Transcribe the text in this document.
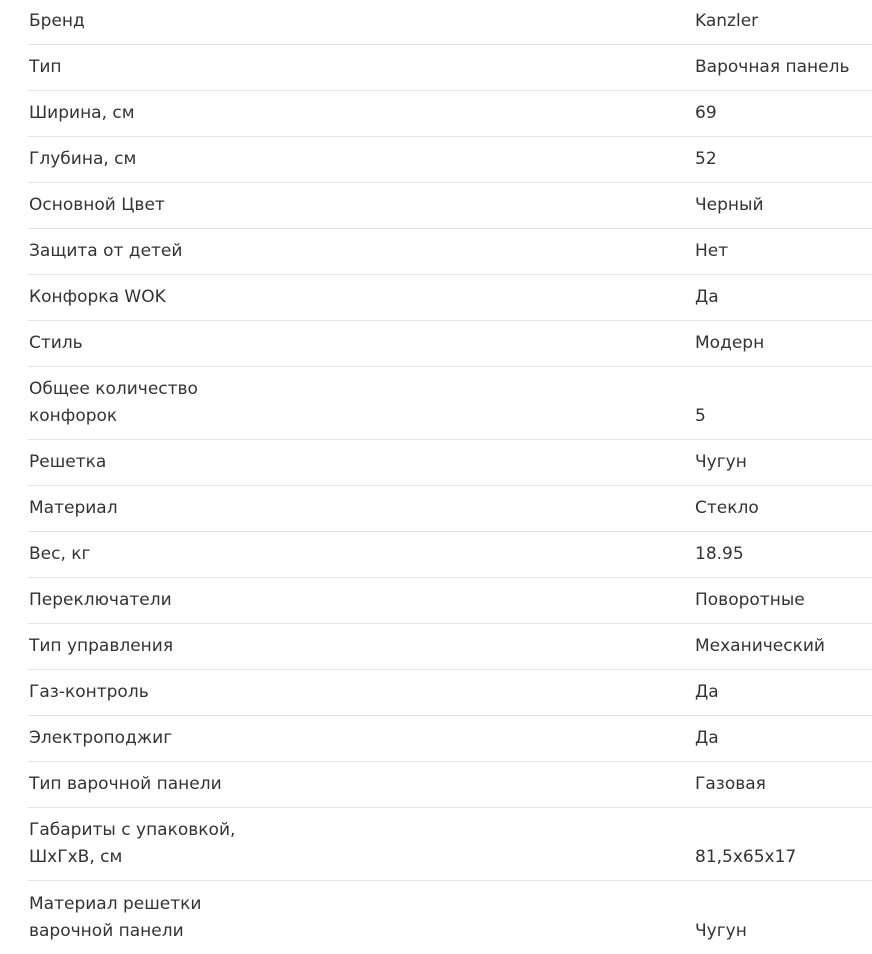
Бренд	Kanzler
Тип	Варочная панель
Ширина, см	69
Глубина, см	52
Основной Цвет	Черный
Защита от детей	Нет
Конфорка WOK	Да
Стиль	Модерн
Общее количество
конфорок	5
Решетка	Чугун
Материал	Стекло
Вес, кг	18.95
Переключатели	Поворотные
Тип управления	Механический
Газ-контроль	Да
Электроподжиг	Да
Тип варочной панели	Газовая
Габариты с упаковкой,
ШхГхВ, см	81,5x65x17
Материал решетки
варочной панели	Чугун
